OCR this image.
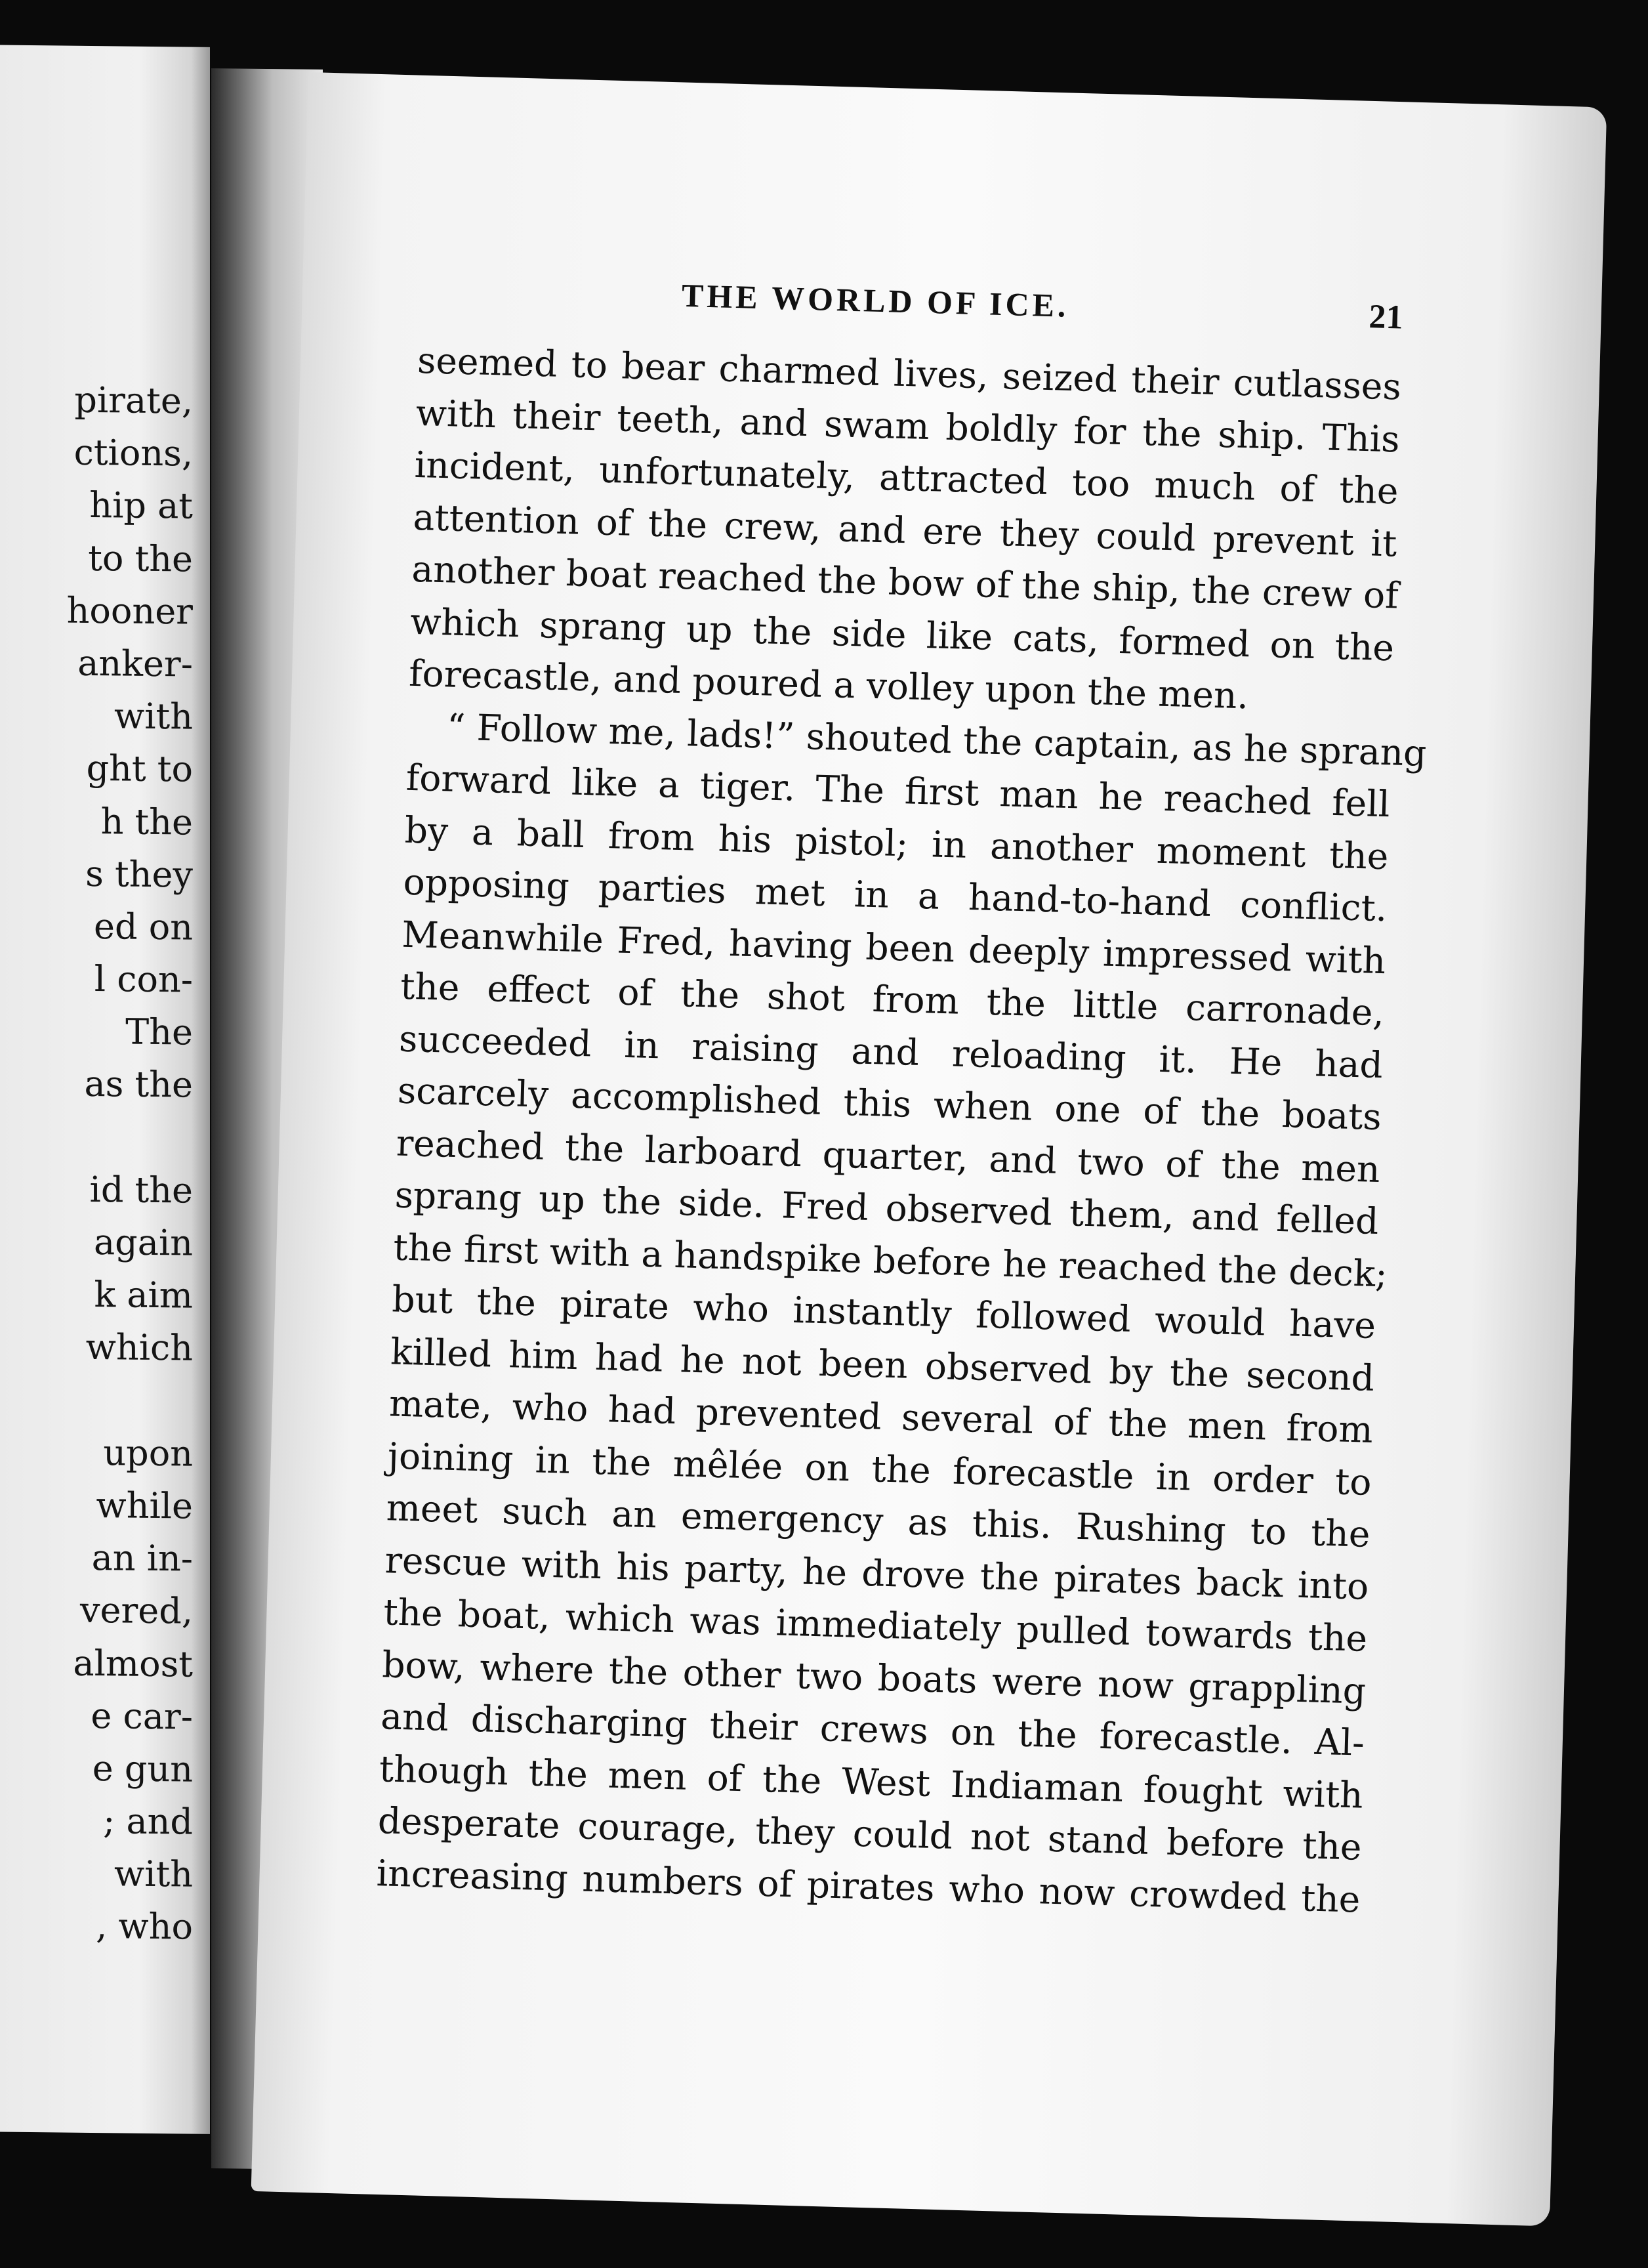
pirate,
ctions,
hip at
to the
hooner
anker-
with
ght to
h the
s they
ed on
l con-
The
as the
id the
again
k aim
which
upon
while
an in-
vered,
almost
e car-
e gun
; and
with
, who
THE WORLD OF ICE.	21
seemed to bear charmed lives, seized their cutlasses
with their teeth, and swam boldly for the ship. This
incident, unfortunately, attracted too much of the
attention of the crew, and ere they could prevent it
another boat reached the bow of the ship, the crew of
which sprang up the side like cats, formed on the
forecastle, and poured a volley upon the men.
“ Follow me, lads!” shouted the captain, as he sprang
forward like a tiger. The first man he reached fell
by a ball from his pistol; in another moment the
opposing parties met in a hand-to-hand conflict.
Meanwhile Fred, having been deeply impressed with
the effect of the shot from the little carronade,
succeeded in raising and reloading it. He had
scarcely accomplished this when one of the boats
reached the larboard quarter, and two of the men
sprang up the side. Fred observed them, and felled
the first with a handspike before he reached the deck;
but the pirate who instantly followed would have
killed him had he not been observed by the second
mate, who had prevented several of the men from
joining in the mêlée on the forecastle in order to
meet such an emergency as this. Rushing to the
rescue with his party, he drove the pirates back into
the boat, which was immediately pulled towards the
bow, where the other two boats were now grappling
and discharging their crews on the forecastle. Al-
though the men of the West Indiaman fought with
desperate courage, they could not stand before the
increasing numbers of pirates who now crowded the
